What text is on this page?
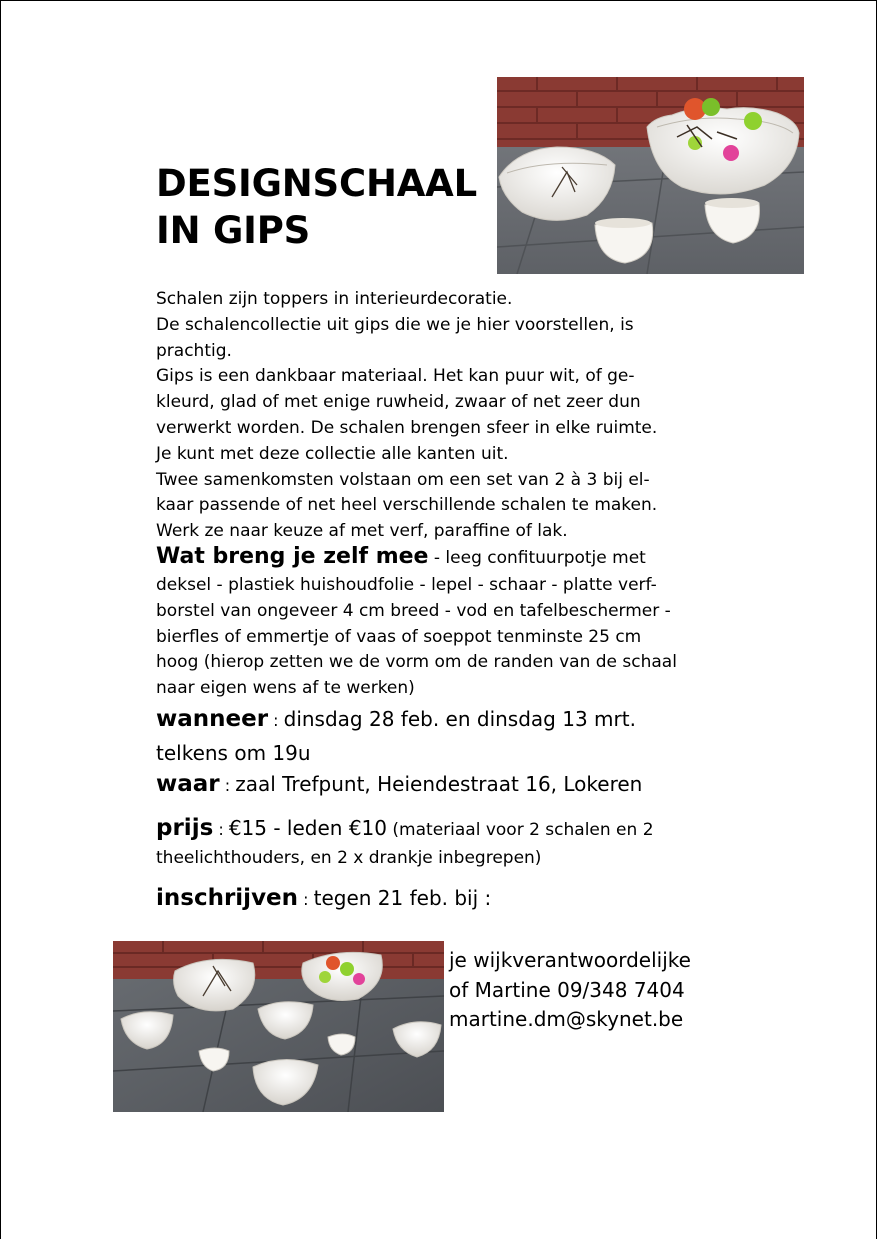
DESIGNSCHAAL
IN GIPS

Schalen zijn toppers in interieurdecoratie.

De schalencollectie uit gips die we je hier voorstellen, is

prachtig.

Gips is een dankbaar materiaal. Het kan puur wit, of ge-

kleurd, glad of met enige ruwheid, zwaar of net zeer dun

verwerkt worden. De schalen brengen sfeer in elke ruimte.

Je kunt met deze collectie alle kanten uit.

Twee samenkomsten volstaan om een set van 2 à 3 bij el-

kaar passende of net heel verschillende schalen te maken.

Werk ze naar keuze af met verf, paraffine of lak.

Wat breng je zelf mee - leeg confituurpotje met
deksel - plastiek huishoudfolie - lepel - schaar - platte verf-
borstel van ongeveer 4 cm breed - vod en tafelbeschermer -
bierfles of emmertje of vaas of soeppot tenminste 25 cm
hoog (hierop zetten we de vorm om de randen van de schaal
naar eigen wens af te werken)
wanneer : dinsdag 28 feb. en dinsdag 13 mrt.
telkens om 19u
waar : zaal Trefpunt, Heiendestraat 16, Lokeren
prijs : €15 - leden €10 (materiaal voor 2 schalen en 2
theelichthouders, en 2 x drankje inbegrepen)
inschrijven : tegen 21 feb. bij :
je wijkverantwoordelijke
of Martine 09/348 7404
martine.dm@skynet.be
